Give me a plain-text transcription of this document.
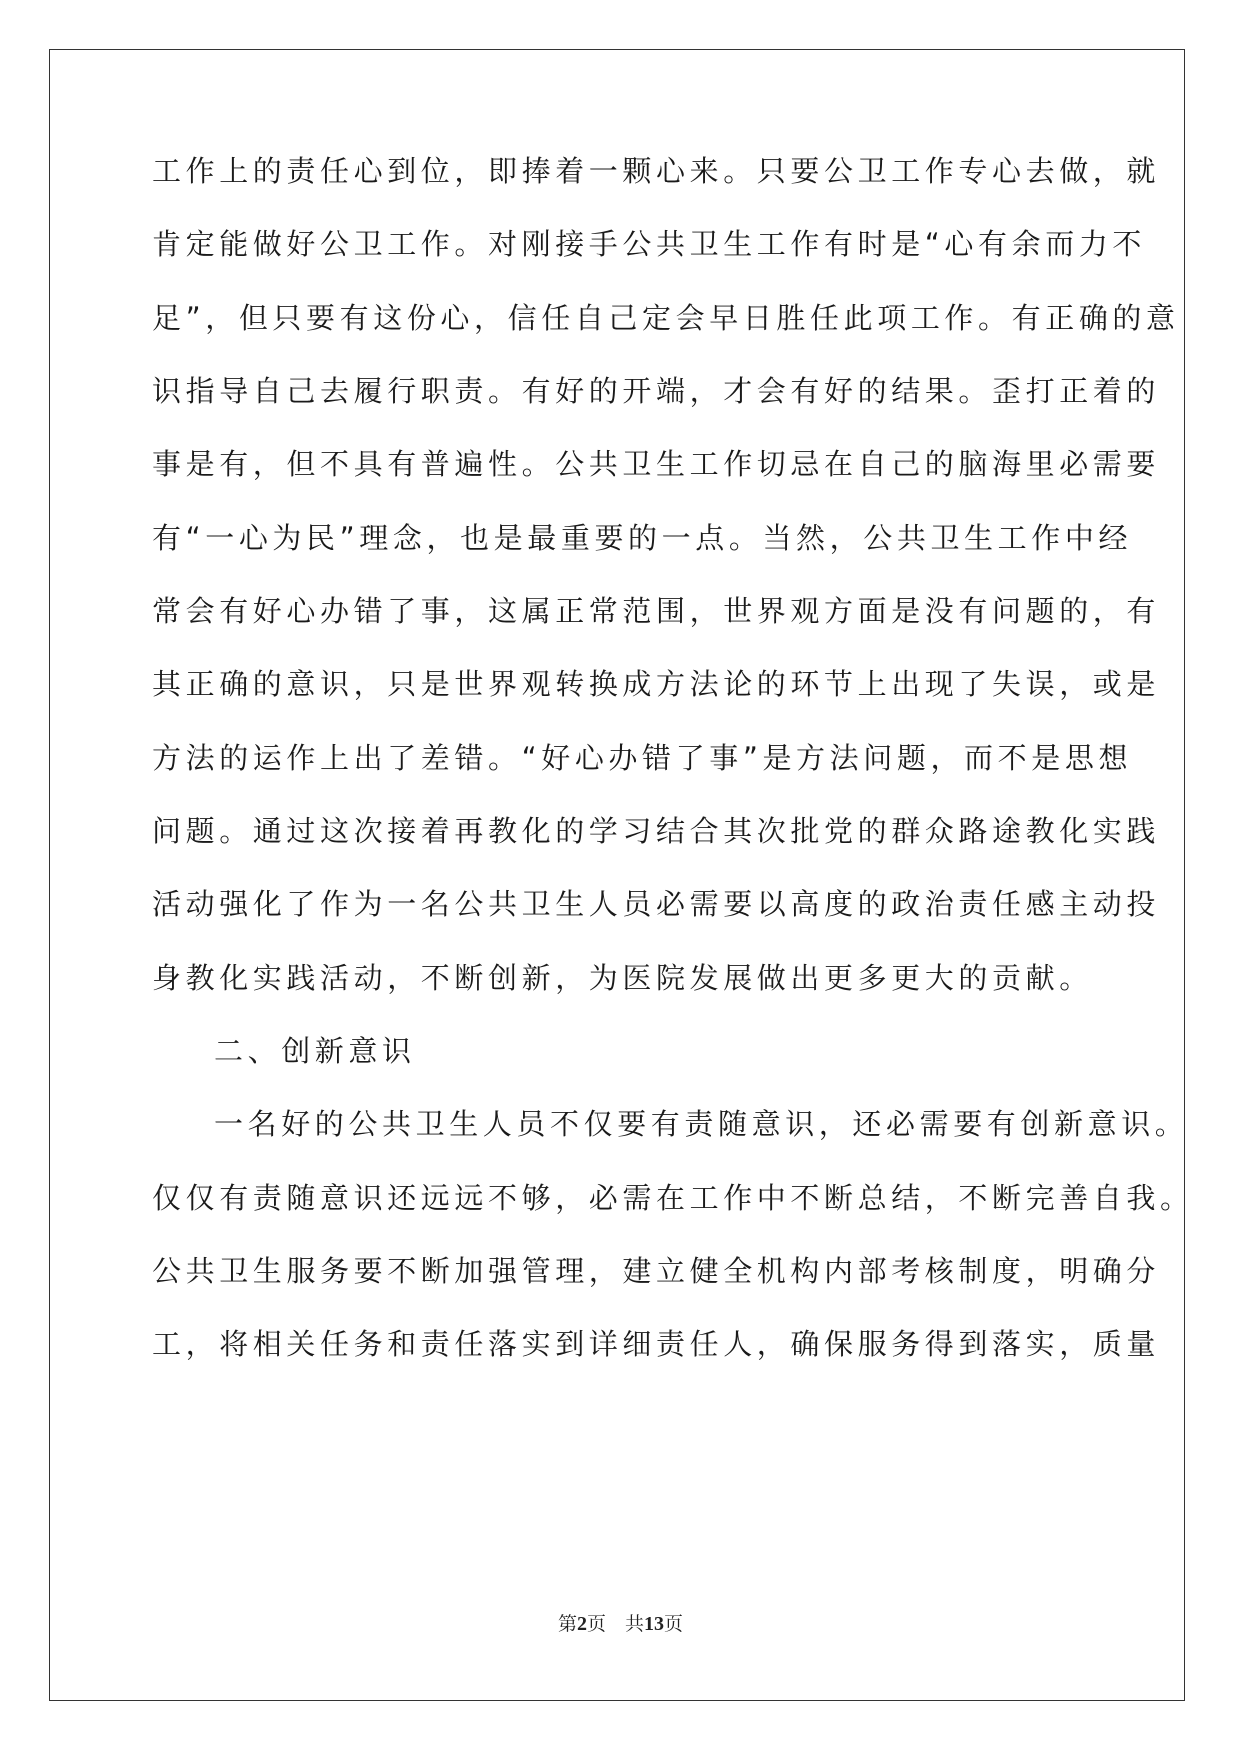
工作上的责任心到位，即捧着一颗心来。只要公卫工作专心去做，就
肯定能做好公卫工作。对刚接手公共卫生工作有时是“心有余而力不
足”，但只要有这份心，信任自己定会早日胜任此项工作。有正确的意
识指导自己去履行职责。有好的开端，才会有好的结果。歪打正着的
事是有，但不具有普遍性。公共卫生工作切忌在自己的脑海里必需要
有“一心为民”理念，也是最重要的一点。当然，公共卫生工作中经
常会有好心办错了事，这属正常范围，世界观方面是没有问题的，有
其正确的意识，只是世界观转换成方法论的环节上出现了失误，或是
方法的运作上出了差错。“好心办错了事”是方法问题，而不是思想
问题。通过这次接着再教化的学习结合其次批党的群众路途教化实践
活动强化了作为一名公共卫生人员必需要以高度的政治责任感主动投
身教化实践活动，不断创新，为医院发展做出更多更大的贡献。
二、创新意识
一名好的公共卫生人员不仅要有责随意识，还必需要有创新意识。
仅仅有责随意识还远远不够，必需在工作中不断总结，不断完善自我。
公共卫生服务要不断加强管理，建立健全机构内部考核制度，明确分
工，将相关任务和责任落实到详细责任人，确保服务得到落实，质量
第2页　共13页
